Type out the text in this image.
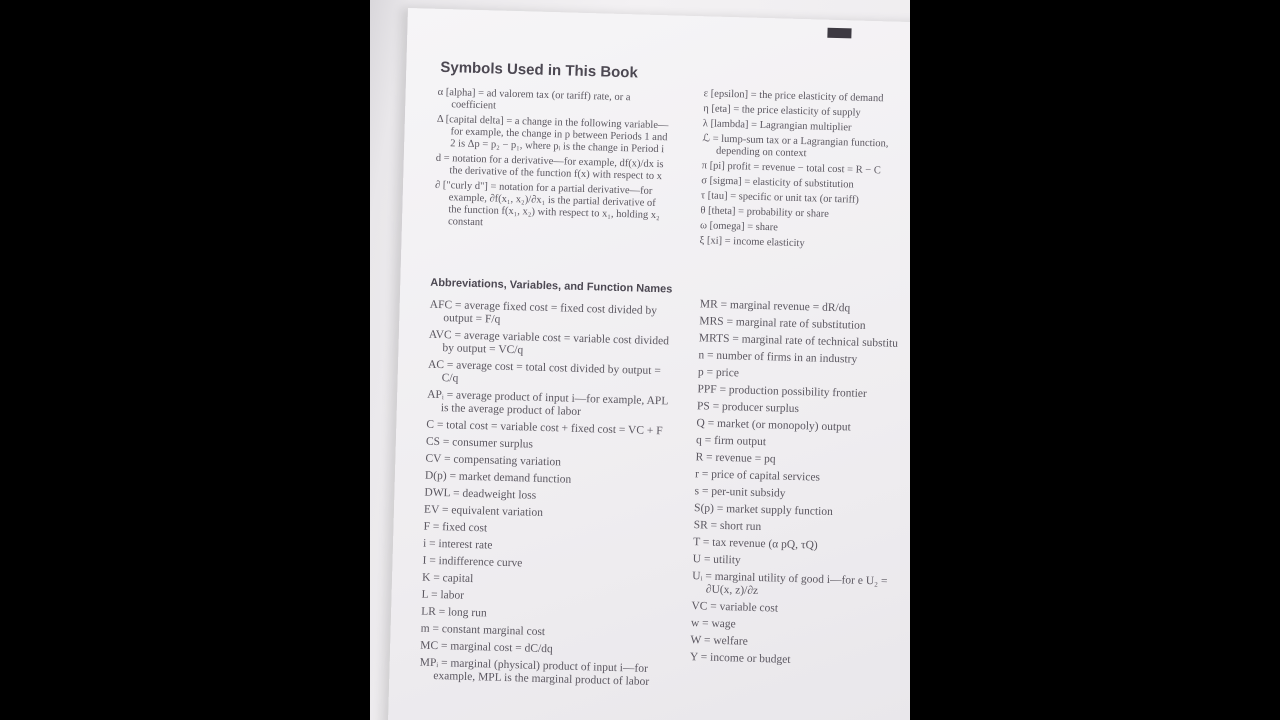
Symbols Used in This Book
α [alpha] = ad valorem tax (or tariff) rate, or a coefficient
Δ [capital delta] = a change in the following variable—for example, the change in p between Periods 1 and 2 is Δp = p₂ − p₁, where pᵢ is the change in Period i
d = notation for a derivative—for example, df(x)/dx is the derivative of the function f(x) with respect to x
∂ ["curly d"] = notation for a partial derivative—for example, ∂f(x₁, x₂)/∂x₁ is the partial derivative of the function f(x₁, x₂) with respect to x₁, holding x₂ constant
ε [epsilon] = the price elasticity of demand
η [eta] = the price elasticity of supply
λ [lambda] = Lagrangian multiplier
ℒ = lump-sum tax or a Lagrangian function, depending on context
π [pi] profit = revenue − total cost = R − C
σ [sigma] = elasticity of substitution
τ [tau] = specific or unit tax (or tariff)
θ [theta] = probability or share
ω [omega] = share
ξ [xi] = income elasticity
Abbreviations, Variables, and Function Names
AFC = average fixed cost = fixed cost divided by output = F/q
AVC = average variable cost = variable cost divided by output = VC/q
AC = average cost = total cost divided by output = C/q
APᵢ = average product of input i—for example, APL is the average product of labor
C = total cost = variable cost + fixed cost = VC + F
CS = consumer surplus
CV = compensating variation
D(p) = market demand function
DWL = deadweight loss
EV = equivalent variation
F = fixed cost
i = interest rate
I = indifference curve
K = capital
L = labor
LR = long run
m = constant marginal cost
MC = marginal cost = dC/dq
MPᵢ = marginal (physical) product of input i—for example, MPL is the marginal product of labor
MR = marginal revenue = dR/dq
MRS = marginal rate of substitution
MRTS = marginal rate of technical substitu
n = number of firms in an industry
p = price
PPF = production possibility frontier
PS = producer surplus
Q = market (or monopoly) output
q = firm output
R = revenue = pq
r = price of capital services
s = per-unit subsidy
S(p) = market supply function
SR = short run
T = tax revenue (α pQ, τQ)
U = utility
Uᵢ = marginal utility of good i—for e U₂ = ∂U(x, z)/∂z
VC = variable cost
w = wage
W = welfare
Y = income or budget
